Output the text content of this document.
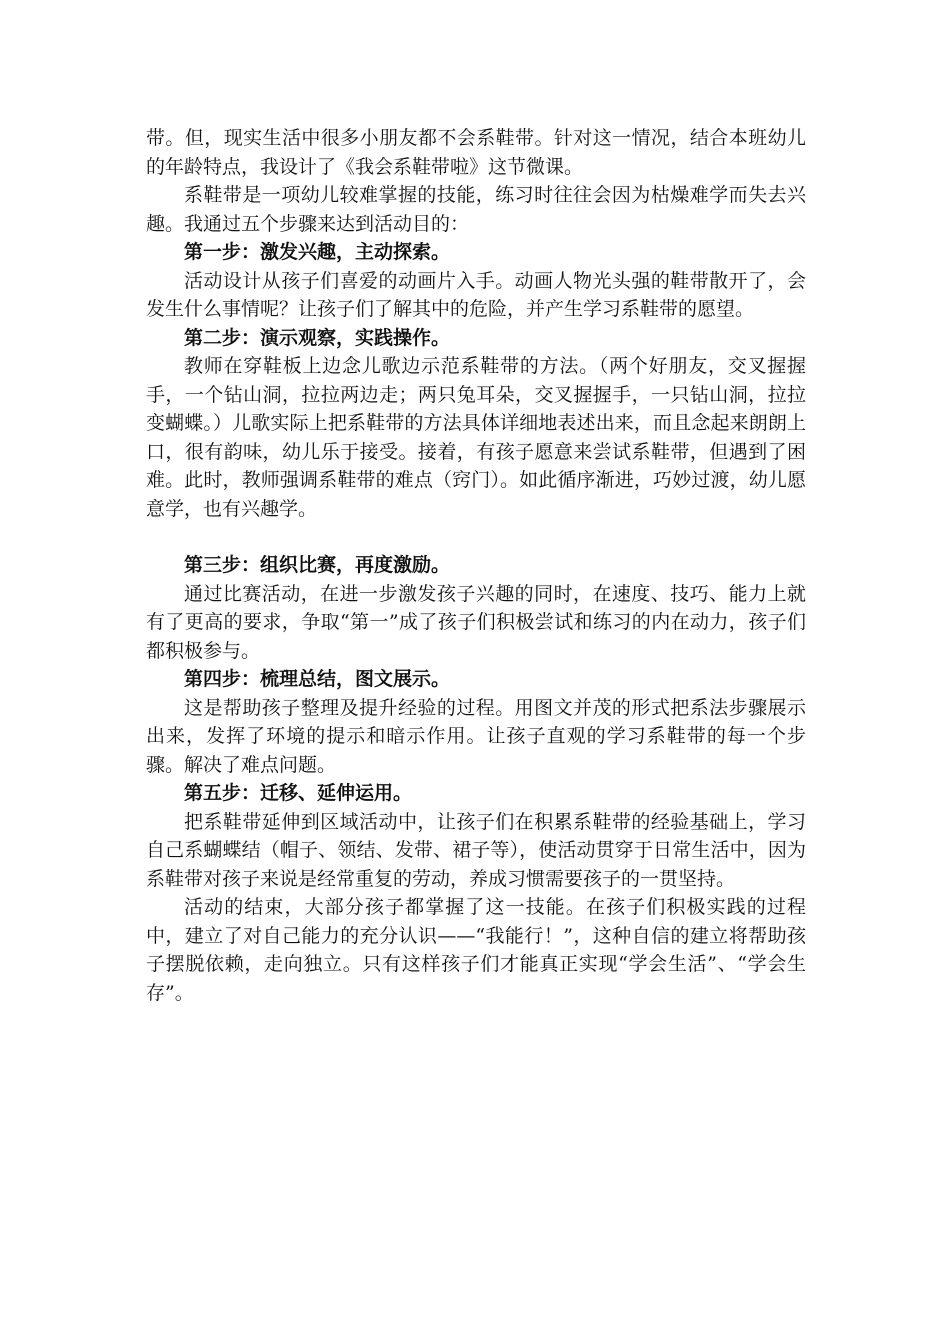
带。但，现实生活中很多小朋友都不会系鞋带。针对这一情况，结合本班幼儿的年龄特点，我设计了《我会系鞋带啦》这节微课。

系鞋带是一项幼儿较难掌握的技能，练习时往往会因为枯燥难学而失去兴趣。我通过五个步骤来达到活动目的：

第一步：激发兴趣，主动探索。

活动设计从孩子们喜爱的动画片入手。动画人物光头强的鞋带散开了，会发生什么事情呢？让孩子们了解其中的危险，并产生学习系鞋带的愿望。

第二步：演示观察，实践操作。

教师在穿鞋板上边念儿歌边示范系鞋带的方法。（两个好朋友，交叉握握手，一个钻山洞，拉拉两边走；两只兔耳朵，交叉握握手，一只钻山洞，拉拉变蝴蝶。）儿歌实际上把系鞋带的方法具体详细地表述出来，而且念起来朗朗上口，很有韵味，幼儿乐于接受。接着，有孩子愿意来尝试系鞋带，但遇到了困难。此时，教师强调系鞋带的难点（窍门）。如此循序渐进，巧妙过渡，幼儿愿意学，也有兴趣学。

第三步：组织比赛，再度激励。

通过比赛活动，在进一步激发孩子兴趣的同时，在速度、技巧、能力上就有了更高的要求，争取“第一”成了孩子们积极尝试和练习的内在动力，孩子们都积极参与。

第四步：梳理总结，图文展示。

这是帮助孩子整理及提升经验的过程。用图文并茂的形式把系法步骤展示出来，发挥了环境的提示和暗示作用。让孩子直观的学习系鞋带的每一个步骤。解决了难点问题。

第五步：迁移、延伸运用。

把系鞋带延伸到区域活动中，让孩子们在积累系鞋带的经验基础上，学习自己系蝴蝶结（帽子、领结、发带、裙子等），使活动贯穿于日常生活中，因为系鞋带对孩子来说是经常重复的劳动，养成习惯需要孩子的一贯坚持。

活动的结束，大部分孩子都掌握了这一技能。在孩子们积极实践的过程中，建立了对自己能力的充分认识——“我能行！”，这种自信的建立将帮助孩子摆脱依赖，走向独立。只有这样孩子们才能真正实现“学会生活”、“学会生存”。
